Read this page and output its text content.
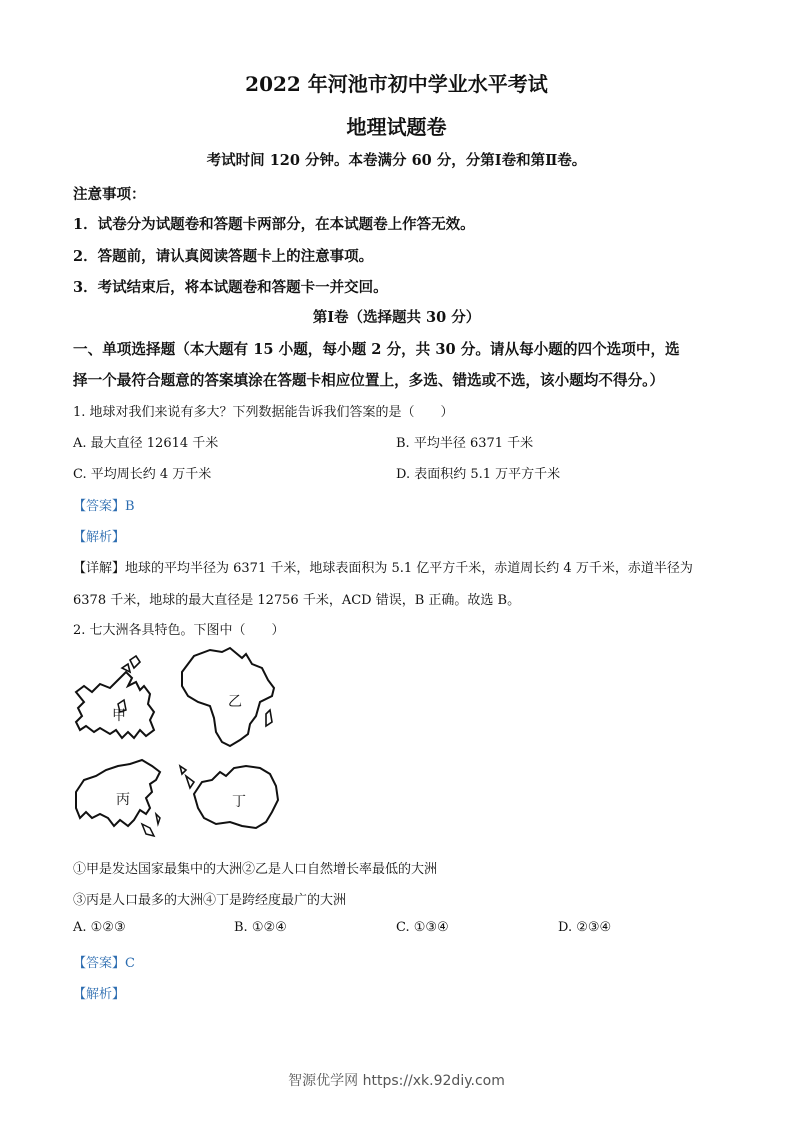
2022 年河池市初中学业水平考试
地理试题卷
考试时间 120 分钟。本卷满分 60 分，分第Ⅰ卷和第Ⅱ卷。
注意事项：
1．试卷分为试题卷和答题卡两部分，在本试题卷上作答无效。
2．答题前，请认真阅读答题卡上的注意事项。
3．考试结束后，将本试题卷和答题卡一并交回。
第Ⅰ卷（选择题共 30 分）
一、单项选择题（本大题有 15 小题，每小题 2 分，共 30 分。请从每小题的四个选项中，选
择一个最符合题意的答案填涂在答题卡相应位置上，多选、错选或不选，该小题均不得分。）
1. 地球对我们来说有多大？下列数据能告诉我们答案的是（　　）
A. 最大直径 12614 千米	B. 平均半径 6371 千米
C. 平均周长约 4 万千米	D. 表面积约 5.1 万平方千米
【答案】B
【解析】
【详解】地球的平均半径为 6371 千米，地球表面积为 5.1 亿平方千米，赤道周长约 4 万千米，赤道半径为
6378 千米，地球的最大直径是 12756 千米，ACD 错误，B 正确。故选 B。
2. 七大洲各具特色。下图中（　　）
甲
乙
丙	丁
①甲是发达国家最集中的大洲②乙是人口自然增长率最低的大洲
③丙是人口最多的大洲④丁是跨经度最广的大洲
A. ①②③	B. ①②④	C. ①③④	D. ②③④
【答案】C
【解析】
智源优学网 https://xk.92diy.com
